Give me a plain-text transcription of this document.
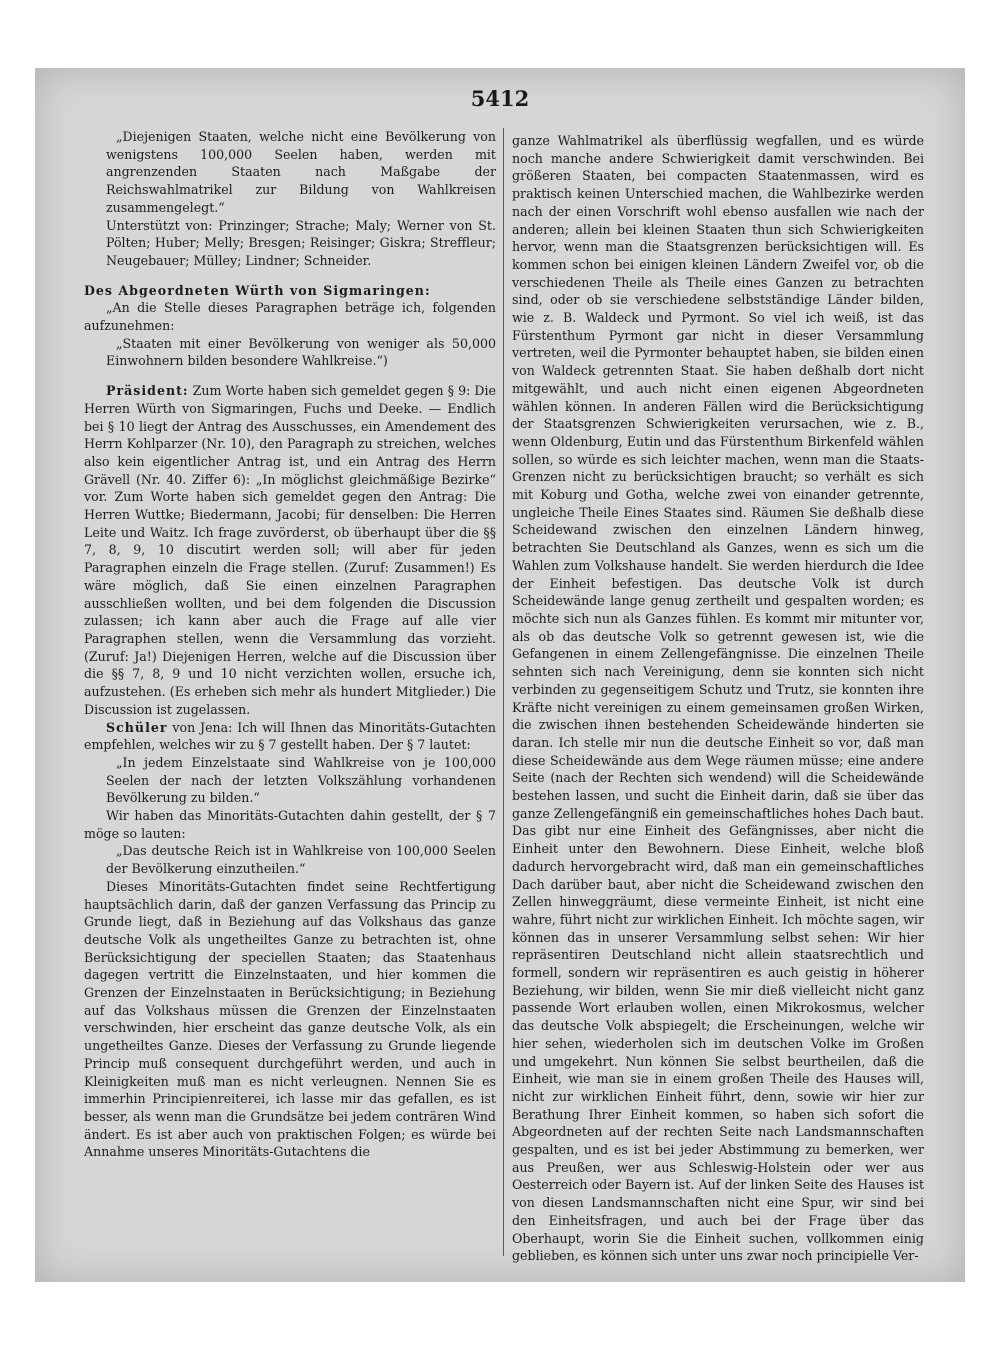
5412

„Diejenigen Staaten, welche nicht eine Bevölkerung von wenigstens 100,000 Seelen haben, werden mit angrenzenden Staaten nach Maßgabe der Reichswahlmatrikel zur Bildung von Wahlkreisen zusammengelegt.“

Unterstützt von: Prinzinger; Strache; Maly; Werner von St. Pölten; Huber; Melly; Bresgen; Reisinger; Giskra; Streffleur; Neugebauer; Mülley; Lindner; Schneider.

Des Abgeordneten Würth von Sigmaringen:

„An die Stelle dieses Paragraphen beträge ich, folgenden aufzunehmen:

„Staaten mit einer Bevölkerung von weniger als 50,000 Einwohnern bilden besondere Wahlkreise.“)

Präsident: Zum Worte haben sich gemeldet gegen § 9: Die Herren Würth von Sigmaringen, Fuchs und Deeke. — Endlich bei § 10 liegt der Antrag des Ausschusses, ein Amendement des Herrn Kohlparzer (Nr. 10), den Paragraph zu streichen, welches also kein eigentlicher Antrag ist, und ein Antrag des Herrn Grävell (Nr. 40. Ziffer 6): „In möglichst gleichmäßige Bezirke“ vor. Zum Worte haben sich gemeldet gegen den Antrag: Die Herren Wuttke; Biedermann, Jacobi; für denselben: Die Herren Leite und Waitz. Ich frage zuvörderst, ob überhaupt über die §§ 7, 8, 9, 10 discutirt werden soll; will aber für jeden Paragraphen einzeln die Frage stellen. (Zuruf: Zusammen!) Es wäre möglich, daß Sie einen einzelnen Paragraphen ausschließen wollten, und bei dem folgenden die Discussion zulassen; ich kann aber auch die Frage auf alle vier Paragraphen stellen, wenn die Versammlung das vorzieht. (Zuruf: Ja!) Diejenigen Herren, welche auf die Discussion über die §§ 7, 8, 9 und 10 nicht verzichten wollen, ersuche ich, aufzustehen. (Es erheben sich mehr als hundert Mitglieder.) Die Discussion ist zugelassen.

Schüler von Jena: Ich will Ihnen das Minoritäts-Gutachten empfehlen, welches wir zu § 7 gestellt haben. Der § 7 lautet:

„In jedem Einzelstaate sind Wahlkreise von je 100,000 Seelen der nach der letzten Volkszählung vorhandenen Bevölkerung zu bilden.“

Wir haben das Minoritäts-Gutachten dahin gestellt, der § 7 möge so lauten:

„Das deutsche Reich ist in Wahlkreise von 100,000 Seelen der Bevölkerung einzutheilen.“

Dieses Minoritäts-Gutachten findet seine Rechtfertigung hauptsächlich darin, daß der ganzen Verfassung das Princip zu Grunde liegt, daß in Beziehung auf das Volkshaus das ganze deutsche Volk als ungetheiltes Ganze zu betrachten ist, ohne Berücksichtigung der speciellen Staaten; das Staatenhaus dagegen vertritt die Einzelnstaaten, und hier kommen die Grenzen der Einzelnstaaten in Berücksichtigung; in Beziehung auf das Volkshaus müssen die Grenzen der Einzelnstaaten verschwinden, hier erscheint das ganze deutsche Volk, als ein ungetheiltes Ganze. Dieses der Verfassung zu Grunde liegende Princip muß consequent durchgeführt werden, und auch in Kleinigkeiten muß man es nicht verleugnen. Nennen Sie es immerhin Principienreiterei, ich lasse mir das gefallen, es ist besser, als wenn man die Grundsätze bei jedem conträren Wind ändert. Es ist aber auch von praktischen Folgen; es würde bei Annahme unseres Minoritäts-Gutachtens die

ganze Wahlmatrikel als überflüssig wegfallen, und es würde noch manche andere Schwierigkeit damit verschwinden. Bei größeren Staaten, bei compacten Staatenmassen, wird es praktisch keinen Unterschied machen, die Wahlbezirke werden nach der einen Vorschrift wohl ebenso ausfallen wie nach der anderen; allein bei kleinen Staaten thun sich Schwierigkeiten hervor, wenn man die Staatsgrenzen berücksichtigen will. Es kommen schon bei einigen kleinen Ländern Zweifel vor, ob die verschiedenen Theile als Theile eines Ganzen zu betrachten sind, oder ob sie verschiedene selbstständige Länder bilden, wie z. B. Waldeck und Pyrmont. So viel ich weiß, ist das Fürstenthum Pyrmont gar nicht in dieser Versammlung vertreten, weil die Pyrmonter behauptet haben, sie bilden einen von Waldeck getrennten Staat. Sie haben deßhalb dort nicht mitgewählt, und auch nicht einen eigenen Abgeordneten wählen können. In anderen Fällen wird die Berücksichtigung der Staatsgrenzen Schwierigkeiten verursachen, wie z. B., wenn Oldenburg, Eutin und das Fürstenthum Birkenfeld wählen sollen, so würde es sich leichter machen, wenn man die Staats-Grenzen nicht zu berücksichtigen braucht; so verhält es sich mit Koburg und Gotha, welche zwei von einander getrennte, ungleiche Theile Eines Staates sind. Räumen Sie deßhalb diese Scheidewand zwischen den einzelnen Ländern hinweg, betrachten Sie Deutschland als Ganzes, wenn es sich um die Wahlen zum Volkshause handelt. Sie werden hierdurch die Idee der Einheit befestigen. Das deutsche Volk ist durch Scheidewände lange genug zertheilt und gespalten worden; es möchte sich nun als Ganzes fühlen. Es kommt mir mitunter vor, als ob das deutsche Volk so getrennt gewesen ist, wie die Gefangenen in einem Zellengefängnisse. Die einzelnen Theile sehnten sich nach Vereinigung, denn sie konnten sich nicht verbinden zu gegenseitigem Schutz und Trutz, sie konnten ihre Kräfte nicht vereinigen zu einem gemeinsamen großen Wirken, die zwischen ihnen bestehenden Scheidewände hinderten sie daran. Ich stelle mir nun die deutsche Einheit so vor, daß man diese Scheidewände aus dem Wege räumen müsse; eine andere Seite (nach der Rechten sich wendend) will die Scheidewände bestehen lassen, und sucht die Einheit darin, daß sie über das ganze Zellengefängniß ein gemeinschaftliches hohes Dach baut. Das gibt nur eine Einheit des Gefängnisses, aber nicht die Einheit unter den Bewohnern. Diese Einheit, welche bloß dadurch hervorgebracht wird, daß man ein gemeinschaftliches Dach darüber baut, aber nicht die Scheidewand zwischen den Zellen hinweggräumt, diese vermeinte Einheit, ist nicht eine wahre, führt nicht zur wirklichen Einheit. Ich möchte sagen, wir können das in unserer Versammlung selbst sehen: Wir hier repräsentiren Deutschland nicht allein staatsrechtlich und formell, sondern wir repräsentiren es auch geistig in höherer Beziehung, wir bilden, wenn Sie mir dieß vielleicht nicht ganz passende Wort erlauben wollen, einen Mikrokosmus, welcher das deutsche Volk abspiegelt; die Erscheinungen, welche wir hier sehen, wiederholen sich im deutschen Volke im Großen und umgekehrt. Nun können Sie selbst beurtheilen, daß die Einheit, wie man sie in einem großen Theile des Hauses will, nicht zur wirklichen Einheit führt, denn, sowie wir hier zur Berathung Ihrer Einheit kommen, so haben sich sofort die Abgeordneten auf der rechten Seite nach Landsmannschaften gespalten, und es ist bei jeder Abstimmung zu bemerken, wer aus Preußen, wer aus Schleswig-Holstein oder wer aus Oesterreich oder Bayern ist. Auf der linken Seite des Hauses ist von diesen Landsmannschaften nicht eine Spur, wir sind bei den Einheitsfragen, und auch bei der Frage über das Oberhaupt, worin Sie die Einheit suchen, vollkommen einig geblieben, es können sich unter uns zwar noch principielle Ver-
